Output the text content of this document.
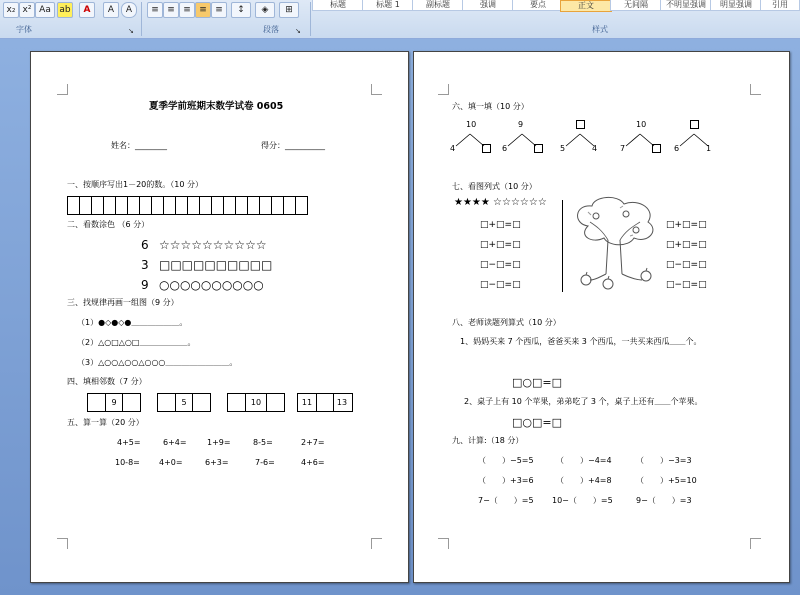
x₂ x² Aa ab	A	A	A
字体	↘
≡ ≡ ≡ ≡ ≡	↕	◈	⊞
段落 ↘
标题	标题 1	副标题	强调	要点	正文	无间隔	不明显强调	明显强调	引用
样式
夏季学前班期末数学试卷 0605
姓名：________	得分：__________
一、按顺序写出1－20的数。（10 分）
二、看数涂色 （6 分）
6 ☆☆☆☆☆☆☆☆☆☆
3 □□□□□□□□□□
9 ○○○○○○○○○○
三、找规律再画一组图（9 分）
（1）●◇●◇●＿＿＿＿＿＿。
（2）△○□△○□＿＿＿＿＿＿。
（3）△○○△○○△○○○＿＿＿＿＿＿＿＿。
四、填相邻数（7 分）
9	5	10	11	13
五、算一算（20 分）
4+5=	6+4=	1+9=	8-5=	2+7=
10-8= 4+0=	6+3=	7-6=	4+6=
六、填一填（10 分）
10
4
9
6	5	4
10
7	6	1
七、看图列式（10 分）
★★★★ ☆☆☆☆☆☆
□+□=□
□+□=□
□−□=□
□−□=□
□+□=□
□+□=□
□−□=□
□−□=□
八、老师读题列算式（10 分）
1、妈妈买来 7 个西瓜，爸爸买来 3 个西瓜，一共买来西瓜＿＿个。
□○□=□
2、桌子上有 10 个苹果，弟弟吃了 3 个，桌子上还有＿＿个苹果。
□○□=□
九、计算:（18 分）
（　　）−5=5	（　　）−4=4	（　　）−3=3
（　　）+3=6	（　　）+4=8	（　　）+5=10
7−（　　）=5 10−（　　）=5	9−（　　）=3
